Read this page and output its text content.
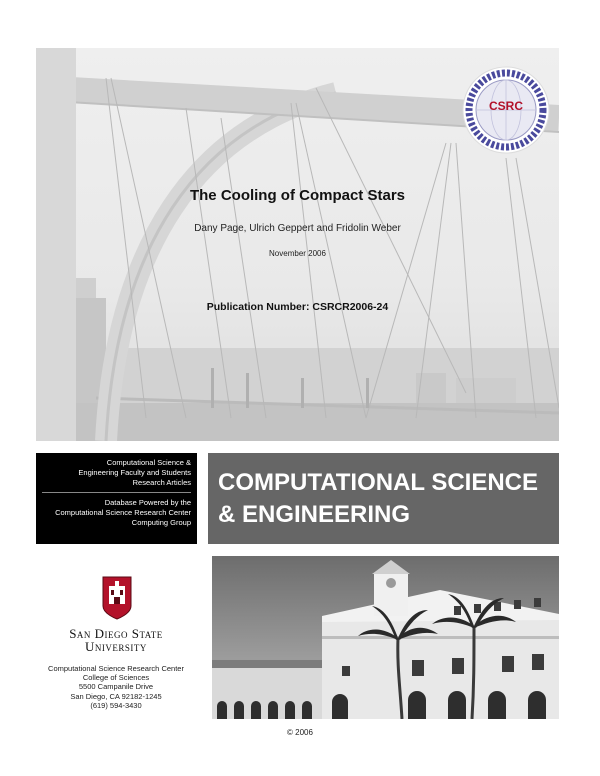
CSRC
The Cooling of Compact Stars
Dany Page, Ulrich Geppert and Fridolin Weber
November 2006
Publication Number: CSRCR2006-24
Computational Science &
Engineering Faculty and Students
Research Articles
Database Powered by the
Computational Science Research Center
Computing Group
COMPUTATIONAL SCIENCE
& ENGINEERING
San Diego State
University
Computational Science Research Center
College of Sciences
5500 Campanile Drive
San Diego, CA 92182-1245
(619) 594-3430
© 2006
